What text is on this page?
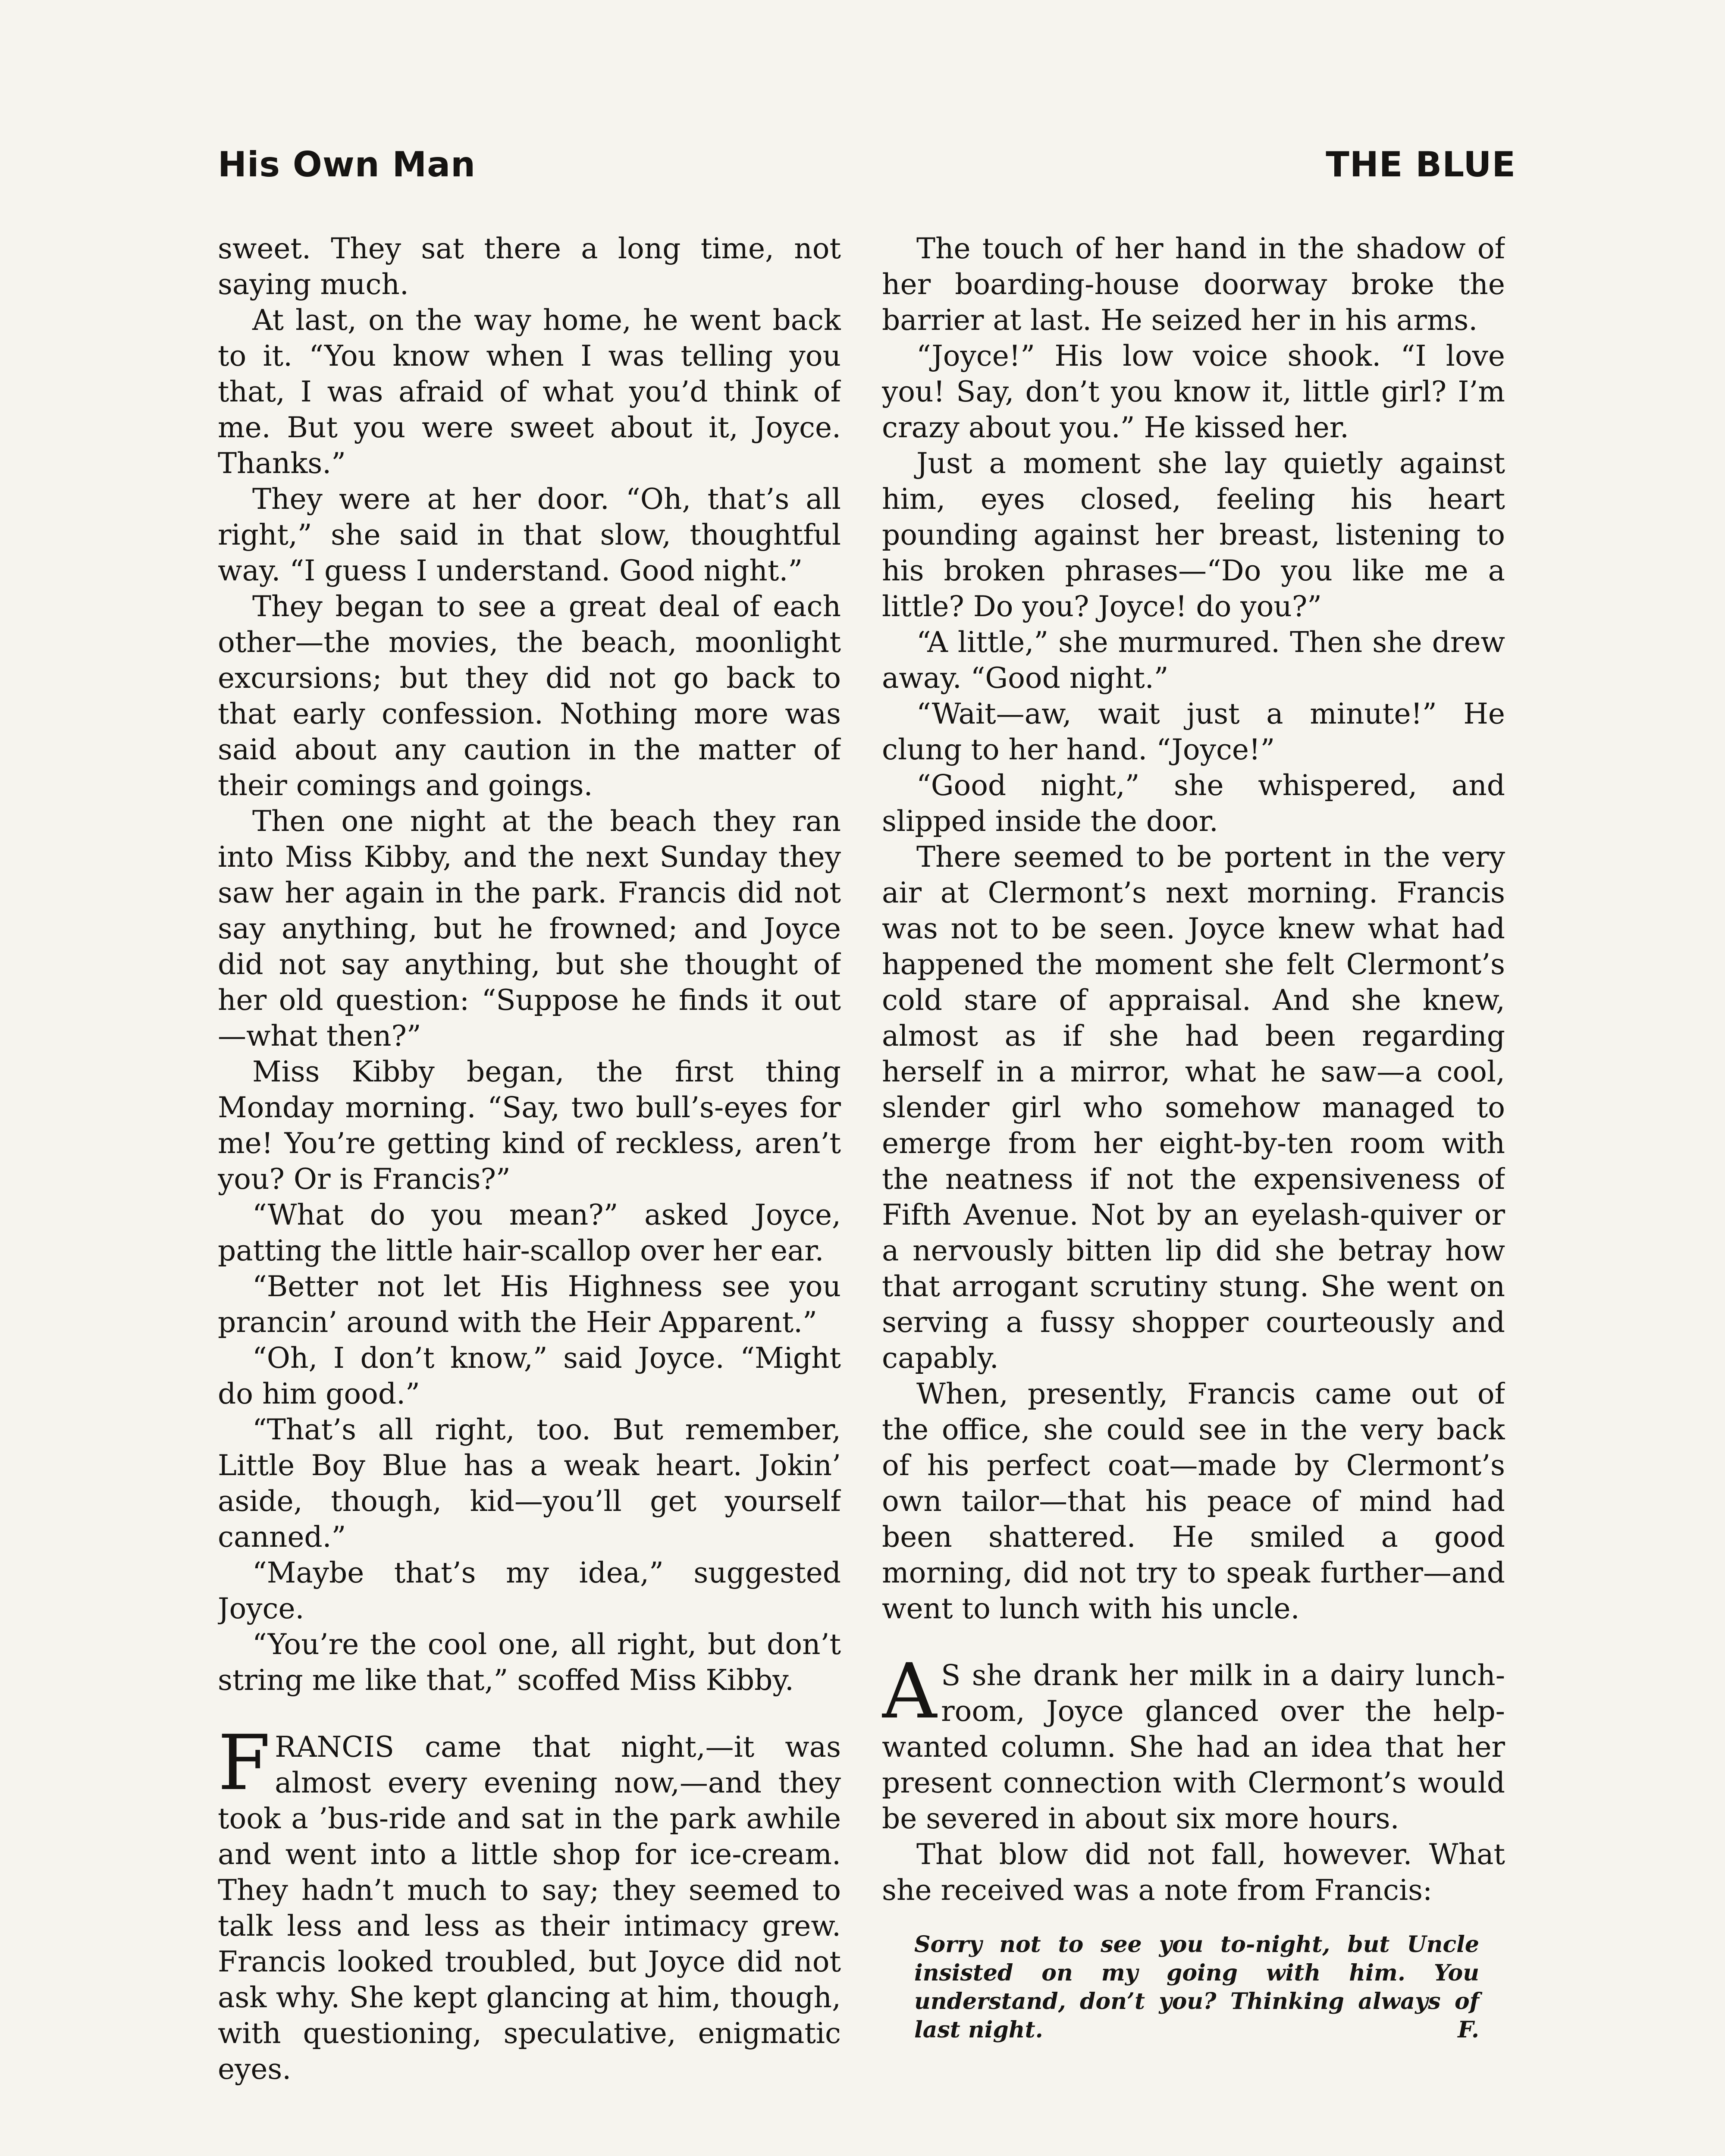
His Own Man	THE BLUE

sweet. They sat there a long time, not saying much.

At last, on the way home, he went back to it. “You know when I was telling you that, I was afraid of what you’d think of me. But you were sweet about it, Joyce. Thanks.”

They were at her door. “Oh, that’s all right,” she said in that slow, thoughtful way. “I guess I understand. Good night.”

They began to see a great deal of each other—the movies, the beach, moonlight excursions; but they did not go back to that early confession. Nothing more was said about any caution in the matter of their comings and goings.

Then one night at the beach they ran into Miss Kibby, and the next Sunday they saw her again in the park. Francis did not say anything, but he frowned; and Joyce did not say anything, but she thought of her old question: “Suppose he finds it out—what then?”

Miss Kibby began, the first thing Monday morning. “Say, two bull’s-eyes for me! You’re getting kind of reckless, aren’t you? Or is Francis?”

“What do you mean?” asked Joyce, patting the little hair-scallop over her ear.

“Better not let His Highness see you prancin’ around with the Heir Apparent.”

“Oh, I don’t know,” said Joyce. “Might do him good.”

“That’s all right, too. But remember, Little Boy Blue has a weak heart. Jokin’ aside, though, kid—you’ll get yourself canned.”

“Maybe that’s my idea,” suggested Joyce.

“You’re the cool one, all right, but don’t string me like that,” scoffed Miss Kibby.

FRANCIS came that night,—it was almost every evening now,—and they took a ’bus-ride and sat in the park awhile and went into a little shop for ice-cream. They hadn’t much to say; they seemed to talk less and less as their intimacy grew. Francis looked troubled, but Joyce did not ask why. She kept glancing at him, though, with questioning, speculative, enigmatic eyes.

The touch of her hand in the shadow of her boarding-house doorway broke the barrier at last. He seized her in his arms.

“Joyce!” His low voice shook. “I love you! Say, don’t you know it, little girl? I’m crazy about you.” He kissed her.

Just a moment she lay quietly against him, eyes closed, feeling his heart pounding against her breast, listening to his broken phrases—“Do you like me a little? Do you? Joyce! do you?”

“A little,” she murmured. Then she drew away. “Good night.”

“Wait—aw, wait just a minute!” He clung to her hand. “Joyce!”

“Good night,” she whispered, and slipped inside the door.

There seemed to be portent in the very air at Clermont’s next morning. Francis was not to be seen. Joyce knew what had happened the moment she felt Clermont’s cold stare of appraisal. And she knew, almost as if she had been regarding herself in a mirror, what he saw—a cool, slender girl who somehow managed to emerge from her eight-by-ten room with the neatness if not the expensiveness of Fifth Avenue. Not by an eyelash-quiver or a nervously bitten lip did she betray how that arrogant scrutiny stung. She went on serving a fussy shopper courteously and capably.

When, presently, Francis came out of the office, she could see in the very back of his perfect coat—made by Clermont’s own tailor—that his peace of mind had been shattered. He smiled a good morning, did not try to speak further—and went to lunch with his uncle.

A S she drank her milk in a dairy lunch-room, Joyce glanced over the help-wanted column. She had an idea that her present connection with Clermont’s would be severed in about six more hours.

That blow did not fall, however. What she received was a note from Francis:

Sorry not to see you to-night, but Uncle insisted on my going with him. You understand, don’t you? Thinking always of last night.	F.
